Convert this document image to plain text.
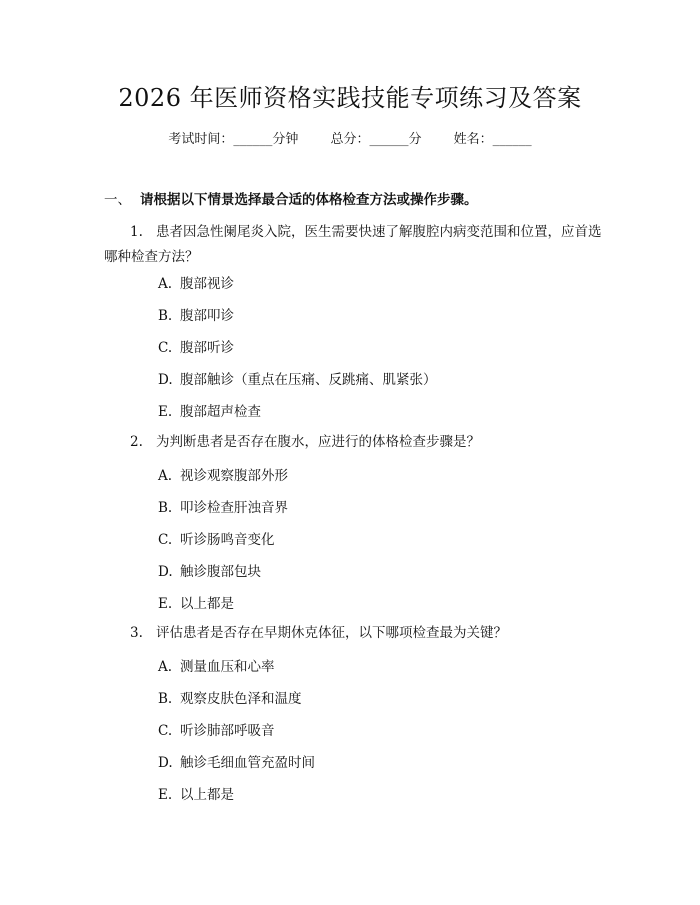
2026 年医师资格实践技能专项练习及答案
考试时间：______分钟 总分：______分 姓名：______
一、 请根据以下情景选择最合适的体格检查方法或操作步骤。
1. 患者因急性阑尾炎入院，医生需要快速了解腹腔内病变范围和位置，应首选哪种检查方法？
A. 腹部视诊
B. 腹部叩诊
C. 腹部听诊
D. 腹部触诊（重点在压痛、反跳痛、肌紧张）
E. 腹部超声检查
2. 为判断患者是否存在腹水，应进行的体格检查步骤是？
A. 视诊观察腹部外形
B. 叩诊检查肝浊音界
C. 听诊肠鸣音变化
D. 触诊腹部包块
E. 以上都是
3. 评估患者是否存在早期休克体征，以下哪项检查最为关键？
A. 测量血压和心率
B. 观察皮肤色泽和温度
C. 听诊肺部呼吸音
D. 触诊毛细血管充盈时间
E. 以上都是
